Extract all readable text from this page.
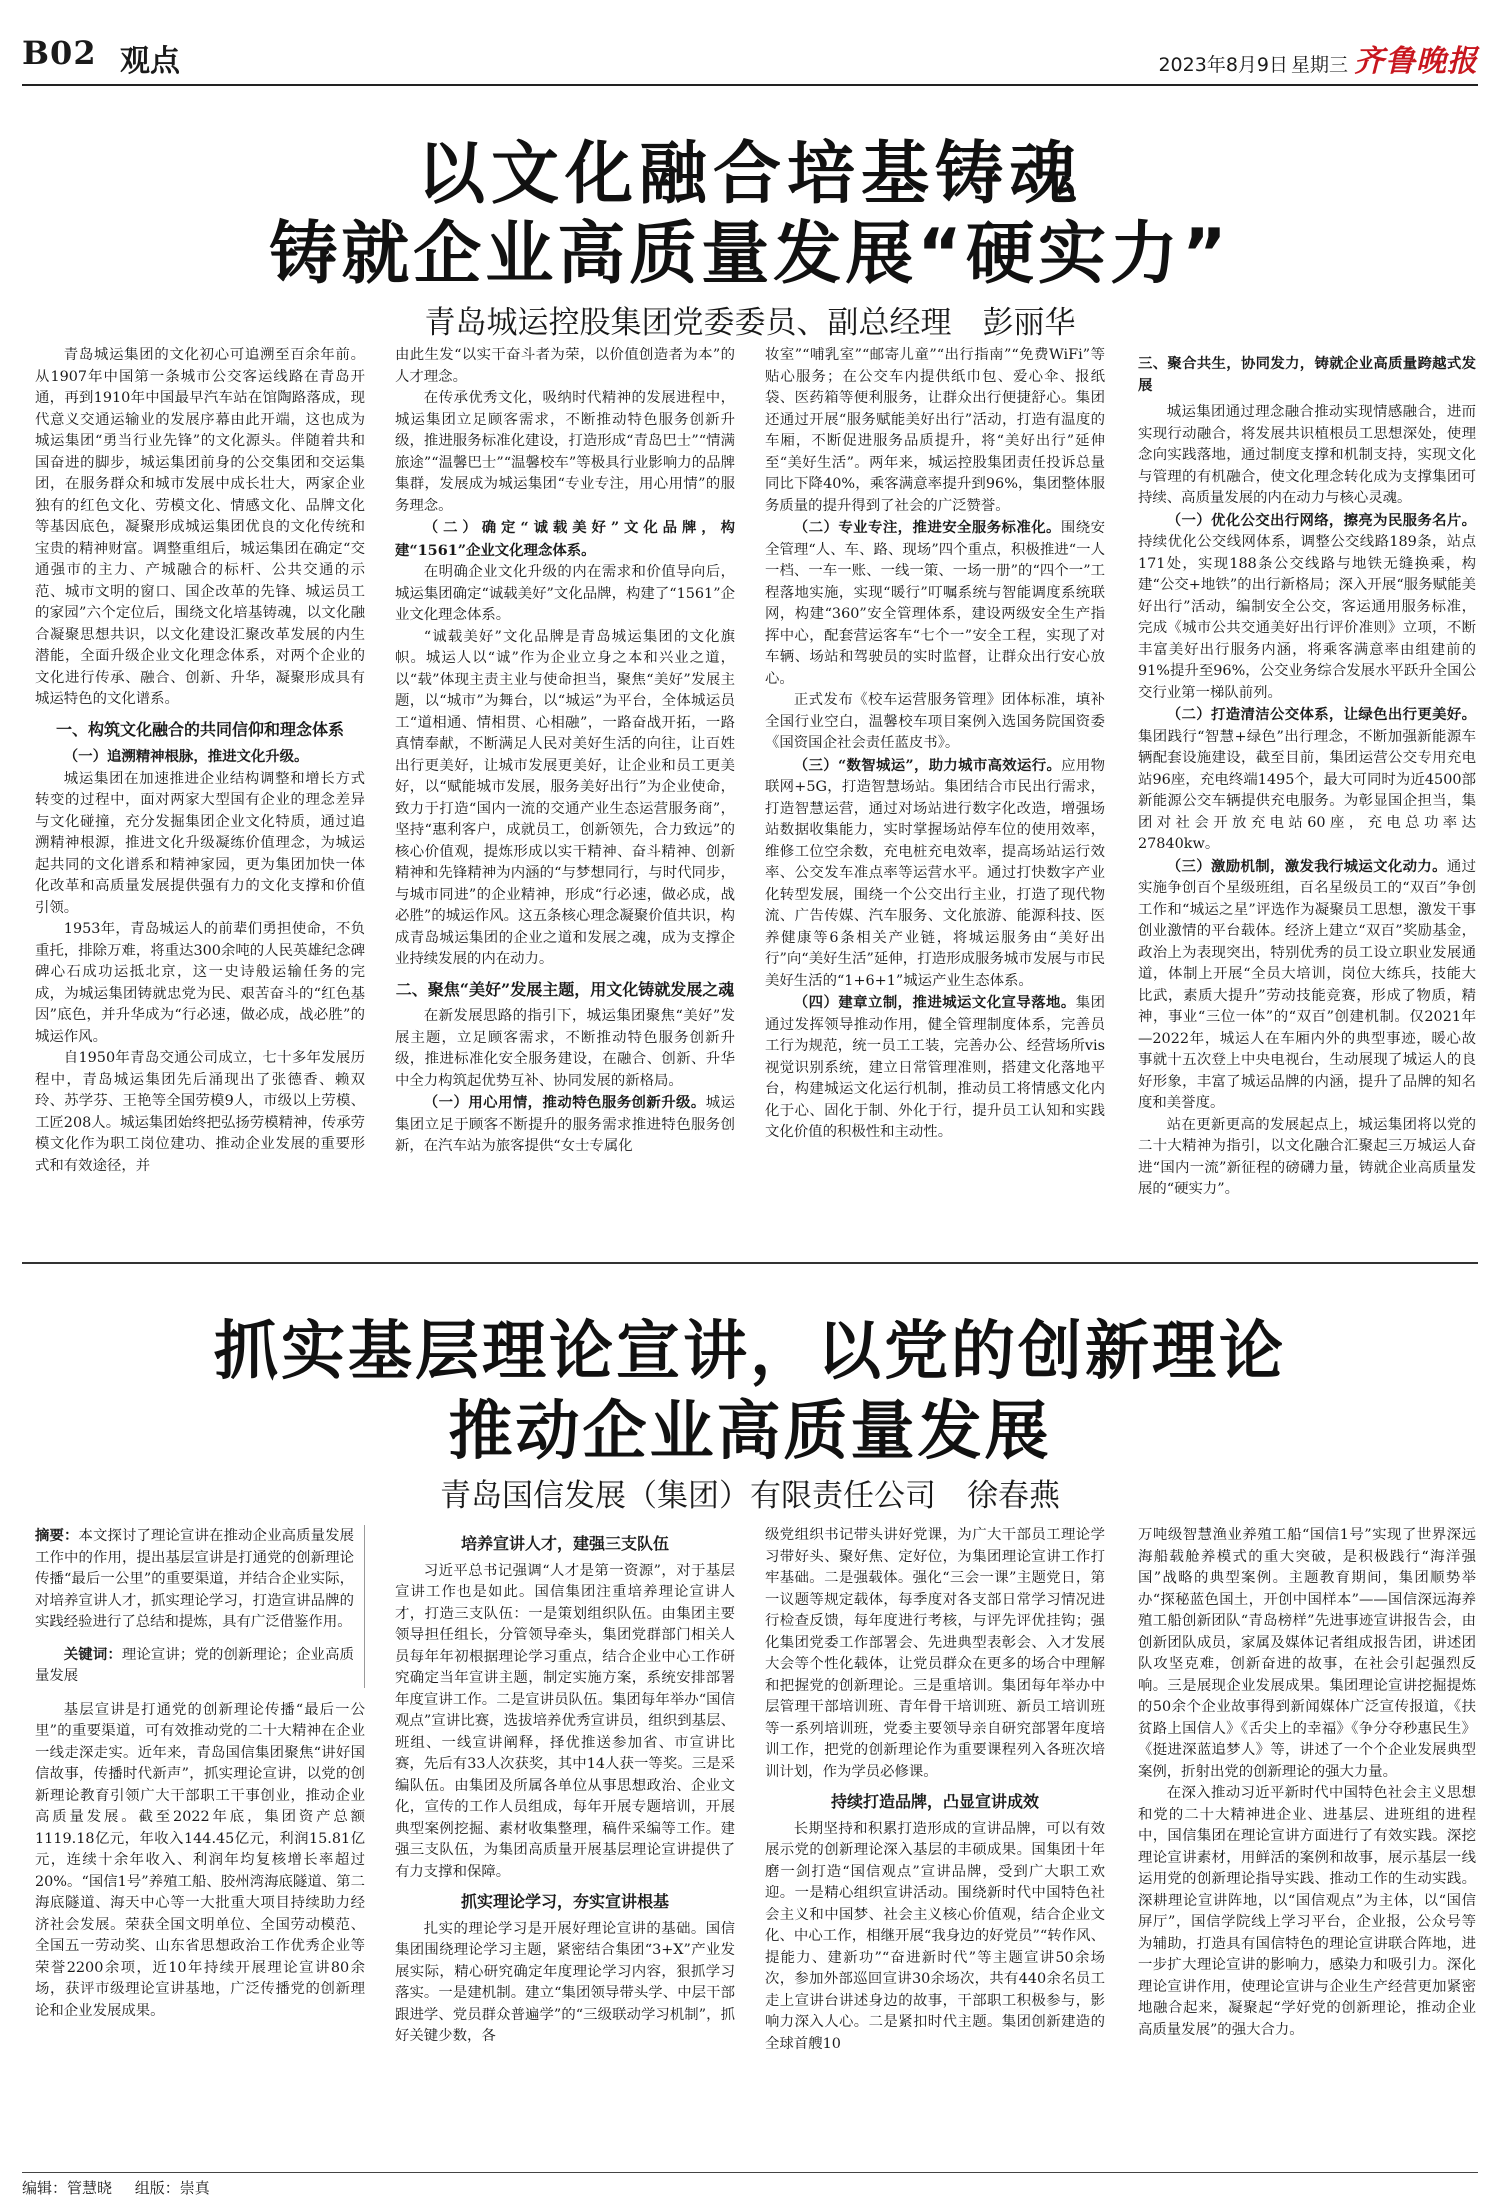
B02 观点	2023年8月9日 星期三 齐鲁晚报
以文化融合培基铸魂
铸就企业高质量发展“硬实力”
青岛城运控股集团党委委员、副总经理　彭丽华

青岛城运集团的文化初心可追溯至百余年前。从1907年中国第一条城市公交客运线路在青岛开通，再到1910年中国最早汽车站在馆陶路落成，现代意义交通运输业的发展序幕由此开端，这也成为城运集团“勇当行业先锋”的文化源头。伴随着共和国奋进的脚步，城运集团前身的公交集团和交运集团，在服务群众和城市发展中成长壮大，两家企业独有的红色文化、劳模文化、情感文化、品牌文化等基因底色，凝聚形成城运集团优良的文化传统和宝贵的精神财富。调整重组后，城运集团在确定“交通强市的主力、产城融合的标杆、公共交通的示范、城市文明的窗口、国企改革的先锋、城运员工的家园”六个定位后，围绕文化培基铸魂，以文化融合凝聚思想共识，以文化建设汇聚改革发展的内生潜能，全面升级企业文化理念体系，对两个企业的文化进行传承、融合、创新、升华，凝聚形成具有城运特色的文化谱系。

一、构筑文化融合的共同信仰和理念体系

（一）追溯精神根脉，推进文化升级。

城运集团在加速推进企业结构调整和增长方式转变的过程中，面对两家大型国有企业的理念差异与文化碰撞，充分发掘集团企业文化特质，通过追溯精神根源，推进文化升级凝练价值理念，为城运起共同的文化谱系和精神家园，更为集团加快一体化改革和高质量发展提供强有力的文化支撑和价值引领。

1953年，青岛城运人的前辈们勇担使命，不负重托，排除万难，将重达300余吨的人民英雄纪念碑碑心石成功运抵北京，这一史诗般运输任务的完成，为城运集团铸就忠党为民、艰苦奋斗的“红色基因”底色，并升华成为“行必速，做必成，战必胜”的城运作风。

自1950年青岛交通公司成立，七十多年发展历程中，青岛城运集团先后涌现出了张德香、赖双玲、苏学芬、王艳等全国劳模9人，市级以上劳模、工匠208人。城运集团始终把弘扬劳模精神，传承劳模文化作为职工岗位建功、推动企业发展的重要形式和有效途径，并

由此生发“以实干奋斗者为荣，以价值创造者为本”的人才理念。

在传承优秀文化，吸纳时代精神的发展进程中，城运集团立足顾客需求，不断推动特色服务创新升级，推进服务标准化建设，打造形成“青岛巴士”“情满旅途”“温馨巴士”“温馨校车”等极具行业影响力的品牌集群，发展成为城运集团“专业专注，用心用情”的服务理念。

（二）确定“诚载美好”文化品牌，构建“1561”企业文化理念体系。

在明确企业文化升级的内在需求和价值导向后，城运集团确定“诚载美好”文化品牌，构建了“1561”企业文化理念体系。

“诚载美好”文化品牌是青岛城运集团的文化旗帜。城运人以“诚”作为企业立身之本和兴业之道，以“载”体现主责主业与使命担当，聚焦“美好”发展主题，以“城市”为舞台，以“城运”为平台，全体城运员工“道相通、情相贯、心相融”，一路奋战开拓，一路真情奉献，不断满足人民对美好生活的向往，让百姓出行更美好，让城市发展更美好，让企业和员工更美好，以“赋能城市发展，服务美好出行”为企业使命，致力于打造“国内一流的交通产业生态运营服务商”，坚持“惠利客户，成就员工，创新领先，合力致远”的核心价值观，提炼形成以实干精神、奋斗精神、创新精神和先锋精神为内涵的“与梦想同行，与时代同步，与城市同进”的企业精神，形成“行必速，做必成，战必胜”的城运作风。这五条核心理念凝聚价值共识，构成青岛城运集团的企业之道和发展之魂，成为支撑企业持续发展的内在动力。

二、聚焦“美好”发展主题，用文化铸就发展之魂

在新发展思路的指引下，城运集团聚焦“美好”发展主题，立足顾客需求，不断推动特色服务创新升级，推进标准化安全服务建设，在融合、创新、升华中全力构筑起优势互补、协同发展的新格局。

（一）用心用情，推动特色服务创新升级。城运集团立足于顾客不断提升的服务需求推进特色服务创新，在汽车站为旅客提供“女士专属化

妆室”“哺乳室”“邮寄儿童”“出行指南”“免费WiFi”等贴心服务；在公交车内提供纸巾包、爱心伞、报纸袋、医药箱等便利服务，让群众出行便捷舒心。集团还通过开展“服务赋能美好出行”活动，打造有温度的车厢，不断促进服务品质提升，将“美好出行”延伸至“美好生活”。两年来，城运控股集团责任投诉总量同比下降40%，乘客满意率提升到96%，集团整体服务质量的提升得到了社会的广泛赞誉。

（二）专业专注，推进安全服务标准化。围绕安全管理“人、车、路、现场”四个重点，积极推进“一人一档、一车一账、一线一策、一场一册”的“四个一”工程落地实施，实现“暖行”叮嘱系统与智能调度系统联网，构建“360”安全管理体系，建设两级安全生产指挥中心，配套营运客车“七个一”安全工程，实现了对车辆、场站和驾驶员的实时监督，让群众出行安心放心。

正式发布《校车运营服务管理》团体标准，填补全国行业空白，温馨校车项目案例入选国务院国资委《国资国企社会责任蓝皮书》。

（三）“数智城运”，助力城市高效运行。应用物联网+5G，打造智慧场站。集团结合市民出行需求，打造智慧运营，通过对场站进行数字化改造，增强场站数据收集能力，实时掌握场站停车位的使用效率，维修工位空余数，充电桩充电效率，提高场站运行效率、公交发车准点率等运营水平。通过打快数字产业化转型发展，围绕一个公交出行主业，打造了现代物流、广告传媒、汽车服务、文化旅游、能源科技、医养健康等6条相关产业链，将城运服务由“美好出行”向“美好生活”延伸，打造形成服务城市发展与市民美好生活的“1+6+1”城运产业生态体系。

（四）建章立制，推进城运文化宣导落地。集团通过发挥领导推动作用，健全管理制度体系，完善员工行为规范，统一员工工装，完善办公、经营场所vis视觉识别系统，建立日常管理准则，搭建文化落地平台，构建城运文化运行机制，推动员工将情感文化内化于心、固化于制、外化于行，提升员工认知和实践文化价值的积极性和主动性。

三、聚合共生，协同发力，铸就企业高质量跨越式发展

城运集团通过理念融合推动实现情感融合，进而实现行动融合，将发展共识植根员工思想深处，使理念向实践落地，通过制度支撑和机制支持，实现文化与管理的有机融合，使文化理念转化成为支撑集团可持续、高质量发展的内在动力与核心灵魂。

（一）优化公交出行网络，擦亮为民服务名片。持续优化公交线网体系，调整公交线路189条，站点171处，实现188条公交线路与地铁无缝换乘，构建“公交+地铁”的出行新格局；深入开展“服务赋能美好出行”活动，编制安全公交，客运通用服务标准，完成《城市公共交通美好出行评价准则》立项，不断丰富美好出行服务内涵，将乘客满意率由组建前的91%提升至96%，公交业务综合发展水平跃升全国公交行业第一梯队前列。

（二）打造清洁公交体系，让绿色出行更美好。集团践行“智慧+绿色”出行理念，不断加强新能源车辆配套设施建设，截至目前，集团运营公交专用充电站96座，充电终端1495个，最大可同时为近4500部新能源公交车辆提供充电服务。为彰显国企担当，集团对社会开放充电站60座，充电总功率达27840kw。

（三）激励机制，激发我行城运文化动力。通过实施争创百个星级班组，百名星级员工的“双百”争创工作和“城运之星”评选作为凝聚员工思想，激发干事创业激情的平台载体。经济上建立“双百”奖励基金，政治上为表现突出，特别优秀的员工设立职业发展通道，体制上开展“全员大培训，岗位大练兵，技能大比武，素质大提升”劳动技能竞赛，形成了物质，精神，事业“三位一体”的“双百”创建机制。仅2021年—2022年，城运人在车厢内外的典型事迹，暖心故事就十五次登上中央电视台，生动展现了城运人的良好形象，丰富了城运品牌的内涵，提升了品牌的知名度和美誉度。

站在更新更高的发展起点上，城运集团将以党的二十大精神为指引，以文化融合汇聚起三万城运人奋进“国内一流”新征程的磅礴力量，铸就企业高质量发展的“硬实力”。

抓实基层理论宣讲，以党的创新理论
推动企业高质量发展
青岛国信发展（集团）有限责任公司　徐春燕

摘要：本文探讨了理论宣讲在推动企业高质量发展工作中的作用，提出基层宣讲是打通党的创新理论传播“最后一公里”的重要渠道，并结合企业实际，对培养宣讲人才，抓实理论学习，打造宣讲品牌的实践经验进行了总结和提炼，具有广泛借鉴作用。

关键词：理论宣讲；党的创新理论；企业高质量发展

基层宣讲是打通党的创新理论传播“最后一公里”的重要渠道，可有效推动党的二十大精神在企业一线走深走实。近年来，青岛国信集团聚焦“讲好国信故事，传播时代新声”，抓实理论宣讲，以党的创新理论教育引领广大干部职工干事创业，推动企业高质量发展。截至2022年底，集团资产总额1119.18亿元，年收入144.45亿元，利润15.81亿元，连续十余年收入、利润年均复核增长率超过20%。“国信1号”养殖工船、胶州湾海底隧道、第二海底隧道、海天中心等一大批重大项目持续助力经济社会发展。荣获全国文明单位、全国劳动模范、全国五一劳动奖、山东省思想政治工作优秀企业等荣誉2200余项，近10年持续开展理论宣讲80余场，获评市级理论宣讲基地，广泛传播党的创新理论和企业发展成果。

培养宣讲人才，建强三支队伍

习近平总书记强调“人才是第一资源”，对于基层宣讲工作也是如此。国信集团注重培养理论宣讲人才，打造三支队伍：一是策划组织队伍。由集团主要领导担任组长，分管领导牵头，集团党群部门相关人员每年年初根据理论学习重点，结合企业中心工作研究确定当年宣讲主题，制定实施方案，系统安排部署年度宣讲工作。二是宣讲员队伍。集团每年举办“国信观点”宣讲比赛，选拔培养优秀宣讲员，组织到基层、班组、一线宣讲阐释，择优推送参加省、市宣讲比赛，先后有33人次获奖，其中14人获一等奖。三是采编队伍。由集团及所属各单位从事思想政治、企业文化，宣传的工作人员组成，每年开展专题培训，开展典型案例挖掘、素材收集整理，稿件采编等工作。建强三支队伍，为集团高质量开展基层理论宣讲提供了有力支撑和保障。

抓实理论学习，夯实宣讲根基

扎实的理论学习是开展好理论宣讲的基础。国信集团围绕理论学习主题，紧密结合集团“3+X”产业发展实际，精心研究确定年度理论学习内容，狠抓学习落实。一是建机制。建立“集团领导带头学、中层干部跟进学、党员群众普遍学”的“三级联动学习机制”，抓好关键少数，各

级党组织书记带头讲好党课，为广大干部员工理论学习带好头、聚好焦、定好位，为集团理论宣讲工作打牢基础。二是强载体。强化“三会一课”主题党日，第一议题等规定载体，每季度对各支部日常学习情况进行检查反馈，每年度进行考核，与评先评优挂钩；强化集团党委工作部署会、先进典型表彰会、入才发展大会等个性化载体，让党员群众在更多的场合中理解和把握党的创新理论。三是重培训。集团每年举办中层管理干部培训班、青年骨干培训班、新员工培训班等一系列培训班，党委主要领导亲自研究部署年度培训工作，把党的创新理论作为重要课程列入各班次培训计划，作为学员必修课。

持续打造品牌，凸显宣讲成效

长期坚持和积累打造形成的宣讲品牌，可以有效展示党的创新理论深入基层的丰硕成果。国集团十年磨一剑打造“国信观点”宣讲品牌，受到广大职工欢迎。一是精心组织宣讲活动。围绕新时代中国特色社会主义和中国梦、社会主义核心价值观，结合企业文化、中心工作，相继开展“我身边的好党员”“转作风、提能力、建新功”“奋进新时代”等主题宣讲50余场次，参加外部巡回宣讲30余场次，共有440余名员工走上宣讲台讲述身边的故事，干部职工积极参与，影响力深入人心。二是紧扣时代主题。集团创新建造的全球首艘10

万吨级智慧渔业养殖工船“国信1号”实现了世界深远海船载舱养模式的重大突破，是积极践行“海洋强国”战略的典型案例。主题教育期间，集团顺势举办“探秘蓝色国土，开创中国样本”——国信深远海养殖工船创新团队“青岛榜样”先进事迹宣讲报告会，由创新团队成员，家属及媒体记者组成报告团，讲述团队攻坚克难，创新奋进的故事，在社会引起强烈反响。三是展现企业发展成果。集团理论宣讲挖掘提炼的50余个企业故事得到新闻媒体广泛宣传报道，《扶贫路上国信人》《舌尖上的幸福》《争分夺秒惠民生》《挺进深蓝追梦人》等，讲述了一个个企业发展典型案例，折射出党的创新理论的强大力量。

在深入推动习近平新时代中国特色社会主义思想和党的二十大精神进企业、进基层、进班组的进程中，国信集团在理论宣讲方面进行了有效实践。深挖理论宣讲素材，用鲜活的案例和故事，展示基层一线运用党的创新理论指导实践、推动工作的生动实践。深耕理论宣讲阵地，以“国信观点”为主体，以“国信屏厅”，国信学院线上学习平台，企业报，公众号等为辅助，打造具有国信特色的理论宣讲联合阵地，进一步扩大理论宣讲的影响力，感染力和吸引力。深化理论宣讲作用，使理论宣讲与企业生产经营更加紧密地融合起来，凝聚起“学好党的创新理论，推动企业高质量发展”的强大合力。

编辑：管慧晓 组版：崇真
